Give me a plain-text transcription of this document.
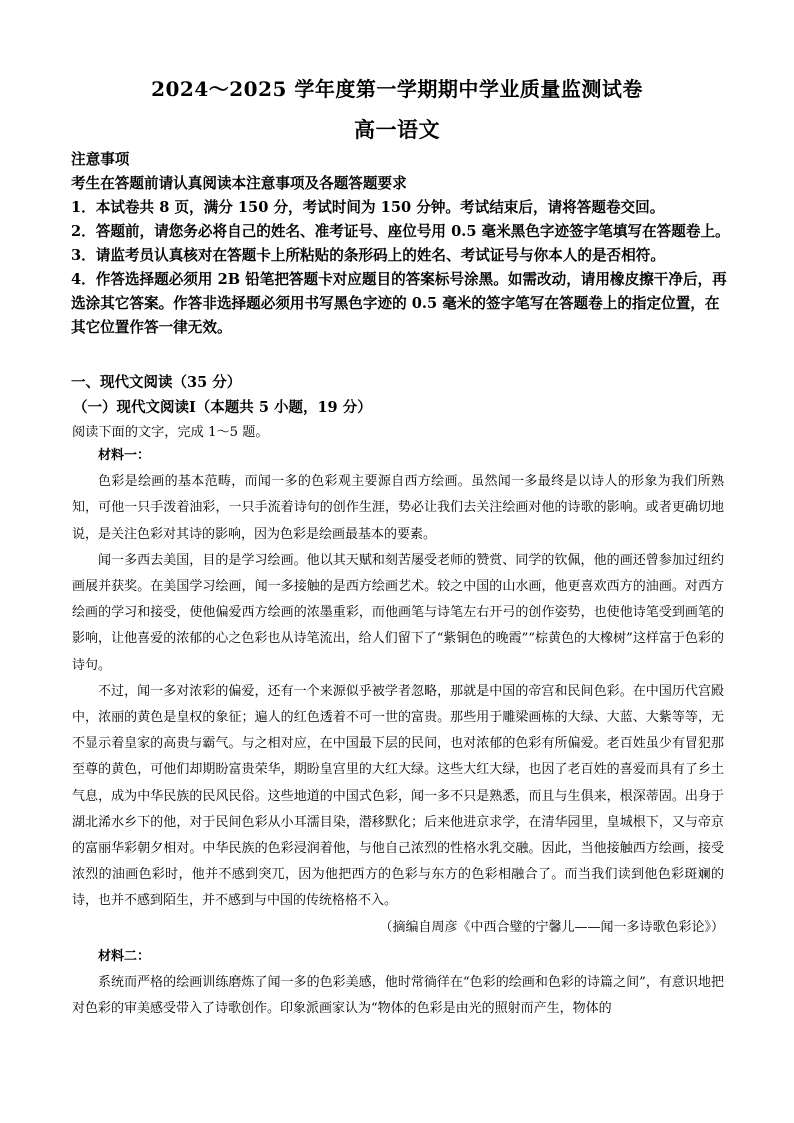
2024～2025 学年度第一学期期中学业质量监测试卷
高一语文

注意事项

考生在答题前请认真阅读本注意事项及各题答题要求

1．本试卷共 8 页，满分 150 分，考试时间为 150 分钟。考试结束后，请将答题卷交回。

2．答题前，请您务必将自己的姓名、准考证号、座位号用 0.5 毫米黑色字迹签字笔填写在答题卷上。

3．请监考员认真核对在答题卡上所粘贴的条形码上的姓名、考试证号与你本人的是否相符。

4．作答选择题必须用 2B 铅笔把答题卡对应题目的答案标号涂黑。如需改动，请用橡皮擦干净后，再选涂其它答案。作答非选择题必须用书写黑色字迹的 0.5 毫米的签字笔写在答题卷上的指定位置，在其它位置作答一律无效。

一、现代文阅读（35 分）
（一）现代文阅读Ⅰ（本题共 5 小题，19 分）
阅读下面的文字，完成 1～5 题。

材料一：

色彩是绘画的基本范畴，而闻一多的色彩观主要源自西方绘画。虽然闻一多最终是以诗人的形象为我们所熟知，可他一只手泼着油彩，一只手流着诗句的创作生涯，势必让我们去关注绘画对他的诗歌的影响。或者更确切地说，是关注色彩对其诗的影响，因为色彩是绘画最基本的要素。

闻一多西去美国，目的是学习绘画。他以其天赋和刻苦屡受老师的赞赏、同学的钦佩，他的画还曾参加过纽约画展并获奖。在美国学习绘画，闻一多接触的是西方绘画艺术。较之中国的山水画，他更喜欢西方的油画。对西方绘画的学习和接受，使他偏爱西方绘画的浓墨重彩，而他画笔与诗笔左右开弓的创作姿势，也使他诗笔受到画笔的影响，让他喜爱的浓郁的心之色彩也从诗笔流出，给人们留下了“紫铜色的晚霞”“棕黄色的大橡树”这样富于色彩的诗句。

不过，闻一多对浓彩的偏爱，还有一个来源似乎被学者忽略，那就是中国的帝宫和民间色彩。在中国历代宫殿中，浓丽的黄色是皇权的象征；遍人的红色透着不可一世的富贵。那些用于雕梁画栋的大绿、大蓝、大紫等等，无不显示着皇家的高贵与霸气。与之相对应，在中国最下层的民间，也对浓郁的色彩有所偏爱。老百姓虽少有冒犯那至尊的黄色，可他们却期盼富贵荣华，期盼皇宫里的大红大绿。这些大红大绿，也因了老百姓的喜爱而具有了乡土气息，成为中华民族的民风民俗。这些地道的中国式色彩，闻一多不只是熟悉，而且与生俱来，根深蒂固。出身于湖北浠水乡下的他，对于民间色彩从小耳濡目染，潜移默化；后来他进京求学，在清华园里，皇城根下，又与帝京的富丽华彩朝夕相对。中华民族的色彩浸润着他，与他自己浓烈的性格水乳交融。因此，当他接触西方绘画，接受浓烈的油画色彩时，他并不感到突兀，因为他把西方的色彩与东方的色彩相融合了。而当我们读到他色彩斑斓的诗，也并不感到陌生，并不感到与中国的传统格格不入。

（摘编自周彦《中西合璧的宁馨儿——闻一多诗歌色彩论》）

材料二：

系统而严格的绘画训练磨炼了闻一多的色彩美感，他时常徜徉在“色彩的绘画和色彩的诗篇之间”，有意识地把对色彩的审美感受带入了诗歌创作。印象派画家认为“物体的色彩是由光的照射而产生，物体的
